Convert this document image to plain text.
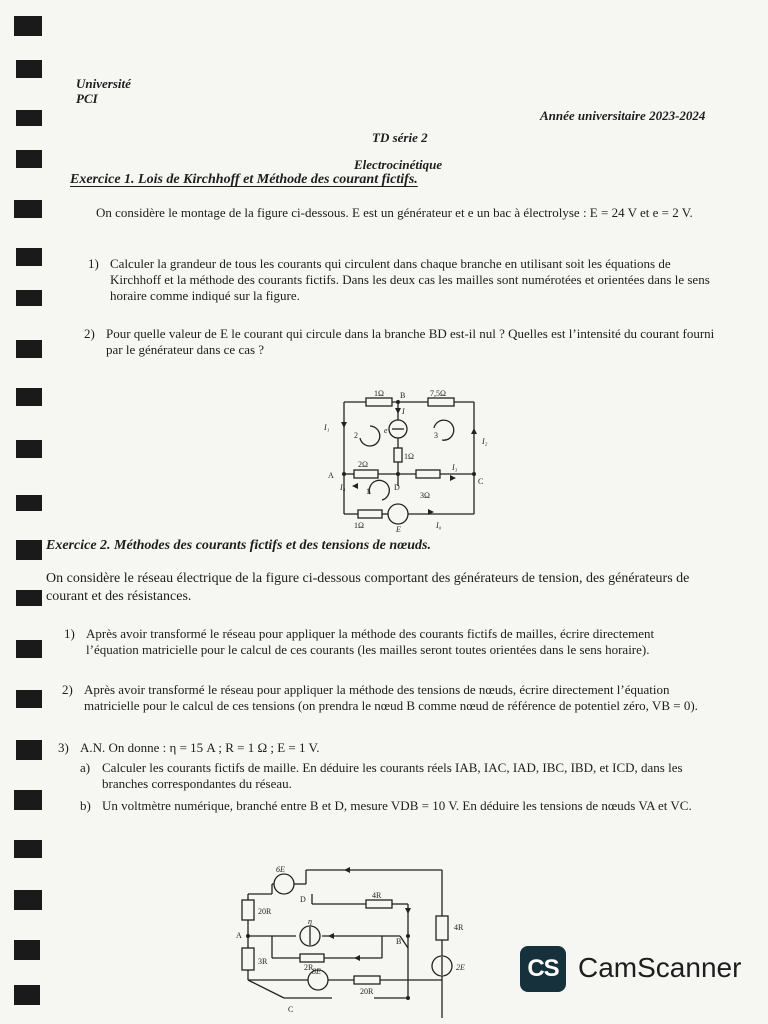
Université
PCI
Année universitaire 2023-2024
TD série 2
Electrocinétique
Exercice 1. Lois de Kirchhoff et Méthode des courant fictifs.
On considère le montage de la figure ci-dessous. E est un générateur et e un bac à électrolyse : E = 24 V et e = 2 V.
1) Calculer la grandeur de tous les courants qui circulent dans chaque branche en utilisant soit les équations de Kirchhoff et la méthode des courants fictifs. Dans les deux cas les mailles sont numérotées et orientées dans le sens horaire comme indiqué sur la figure.
2) Pour quelle valeur de E le courant qui circule dans la branche BD est-il nul ? Quelles est l’intensité du courant fourni par le générateur dans ce cas ?
1Ω B	7,5Ω
I
e
1Ω
I₁
I₂
I₃
I₄	1
2	3
A
C
D
2Ω
3Ω
1Ω	E	I₀
Exercice 2. Méthodes des courants fictifs et des tensions de nœuds.
On considère le réseau électrique de la figure ci-dessous comportant des générateurs de tension, des générateurs de courant et des résistances.
1) Après avoir transformé le réseau pour appliquer la méthode des courants fictifs de mailles, écrire directement l’équation matricielle pour le calcul de ces courants (les mailles seront toutes orientées dans le sens horaire).
2) Après avoir transformé le réseau pour appliquer la méthode des tensions de nœuds, écrire directement l’équation matricielle pour le calcul de ces tensions (on prendra le nœud B comme nœud de référence de potentiel zéro, VB = 0).
3) A.N. On donne : η = 15 A ; R = 1 Ω ; E = 1 V.
a) Calculer les courants fictifs de maille. En déduire les courants réels IAB, IAC, IAD, IBC, IBD, et ICD, dans les branches correspondantes du réseau.
b) Un voltmètre numérique, branché entre B et D, mesure VDB = 10 V. En déduire les tensions de nœuds VA et VC.
6E
20R
D	4R
4R
A
η
2R
B
3R
8E
C
20R
2E	CS CamScanner
